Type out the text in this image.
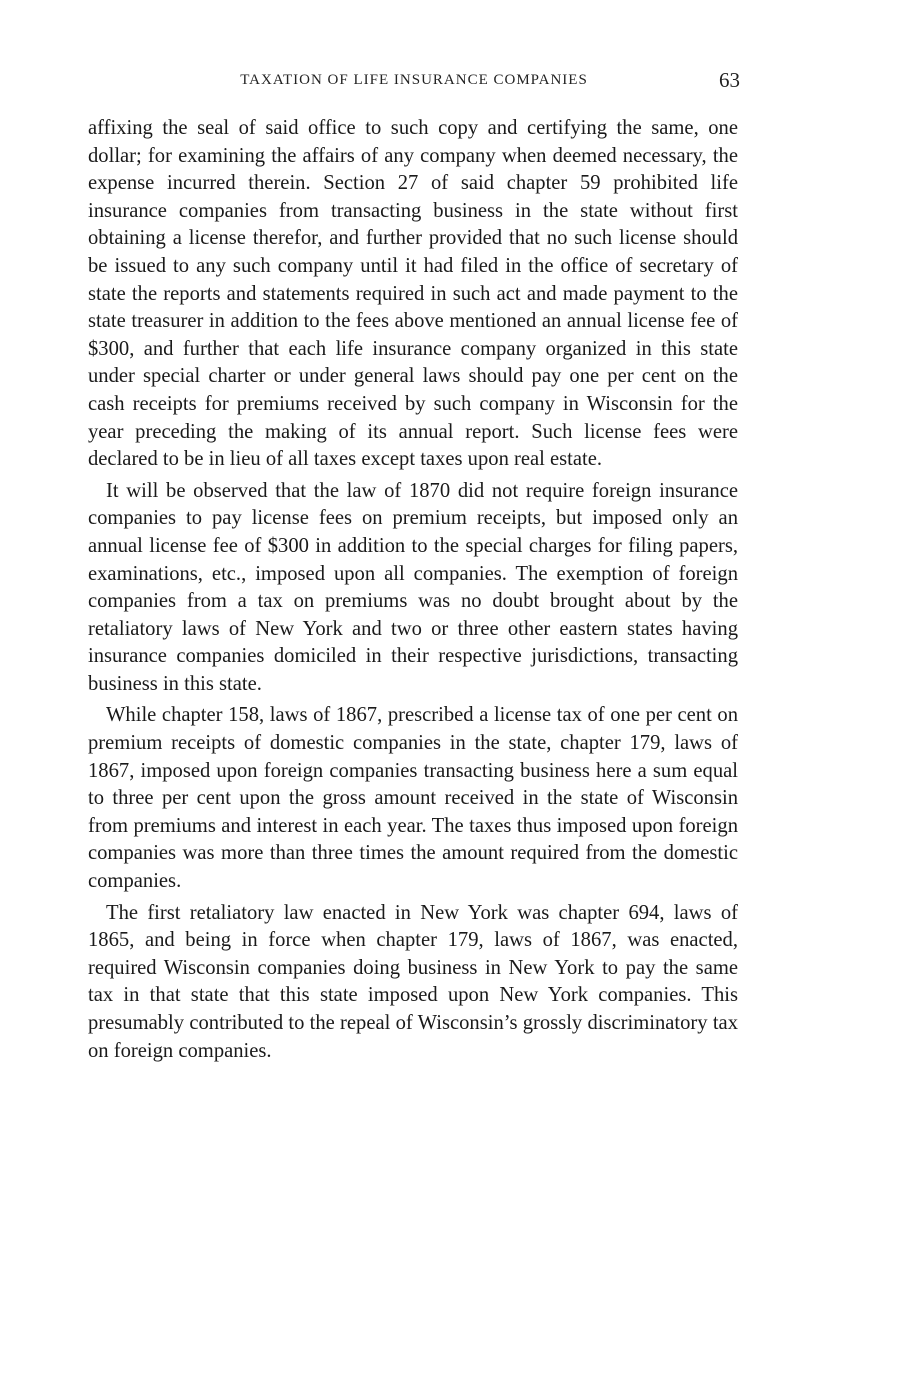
TAXATION OF LIFE INSURANCE COMPANIES	63

affixing the seal of said office to such copy and certifying the same, one dollar; for examining the affairs of any company when deemed necessary, the expense incurred therein. Section 27 of said chapter 59 prohibited life insurance companies from transacting business in the state without first obtaining a license therefor, and further provided that no such license should be issued to any such company until it had filed in the office of secretary of state the reports and statements required in such act and made payment to the state treasurer in addition to the fees above mentioned an annual license fee of $300, and further that each life insurance company organized in this state under special charter or under general laws should pay one per cent on the cash receipts for premiums received by such company in Wisconsin for the year preceding the making of its annual report. Such license fees were declared to be in lieu of all taxes except taxes upon real estate.

It will be observed that the law of 1870 did not require foreign insurance companies to pay license fees on premium receipts, but imposed only an annual license fee of $300 in addition to the special charges for filing papers, examinations, etc., imposed upon all companies. The exemption of foreign companies from a tax on premiums was no doubt brought about by the retaliatory laws of New York and two or three other eastern states having insurance companies domiciled in their respective jurisdictions, transacting business in this state.

While chapter 158, laws of 1867, prescribed a license tax of one per cent on premium receipts of domestic companies in the state, chapter 179, laws of 1867, imposed upon foreign companies transacting business here a sum equal to three per cent upon the gross amount received in the state of Wisconsin from premiums and interest in each year. The taxes thus imposed upon foreign companies was more than three times the amount required from the domestic companies.

The first retaliatory law enacted in New York was chapter 694, laws of 1865, and being in force when chapter 179, laws of 1867, was enacted, required Wisconsin companies doing business in New York to pay the same tax in that state that this state imposed upon New York companies. This presumably contributed to the repeal of Wisconsin’s grossly discriminatory tax on foreign companies.
